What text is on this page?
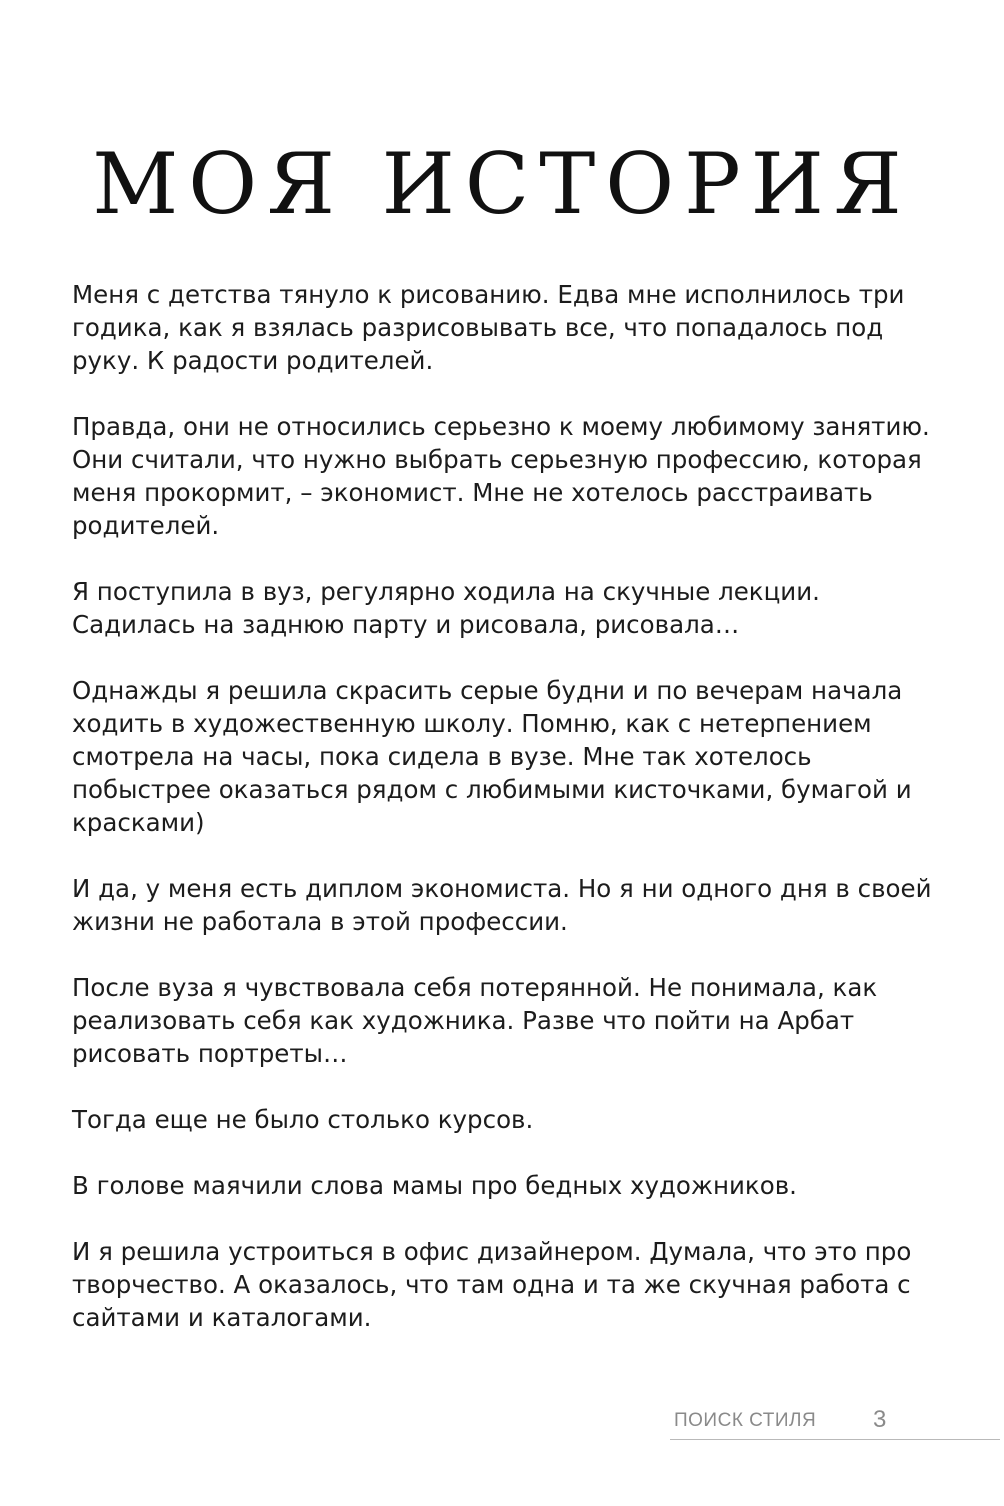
МОЯ ИСТОРИЯ

Меня с детства тянуло к рисованию. Едва мне исполнилось три годика, как я взялась разрисовывать все, что попадалось под руку. К радости родителей.

Правда, они не относились серьезно к моему любимому занятию. Они считали, что нужно выбрать серьезную профессию, которая меня прокормит, – экономист. Мне не хотелось расстраивать родителей.

Я поступила в вуз, регулярно ходила на скучные лекции. Садилась на заднюю парту и рисовала, рисовала…

Однажды я решила скрасить серые будни и по вечерам начала ходить в художественную школу. Помню, как с нетерпением смотрела на часы, пока сидела в вузе. Мне так хотелось побыстрее оказаться рядом с любимыми кисточками, бумагой и красками)

И да, у меня есть диплом экономиста. Но я ни одного дня в своей жизни не работала в этой профессии.

После вуза я чувствовала себя потерянной. Не понимала, как реализовать себя как художника. Разве что пойти на Арбат рисовать портреты…

Тогда еще не было столько курсов.

В голове маячили слова мамы про бедных художников.

И я решила устроиться в офис дизайнером. Думала, что это про творчество. А оказалось, что там одна и та же скучная работа с сайтами и каталогами.

ПОИСК СТИЛЯ 3
